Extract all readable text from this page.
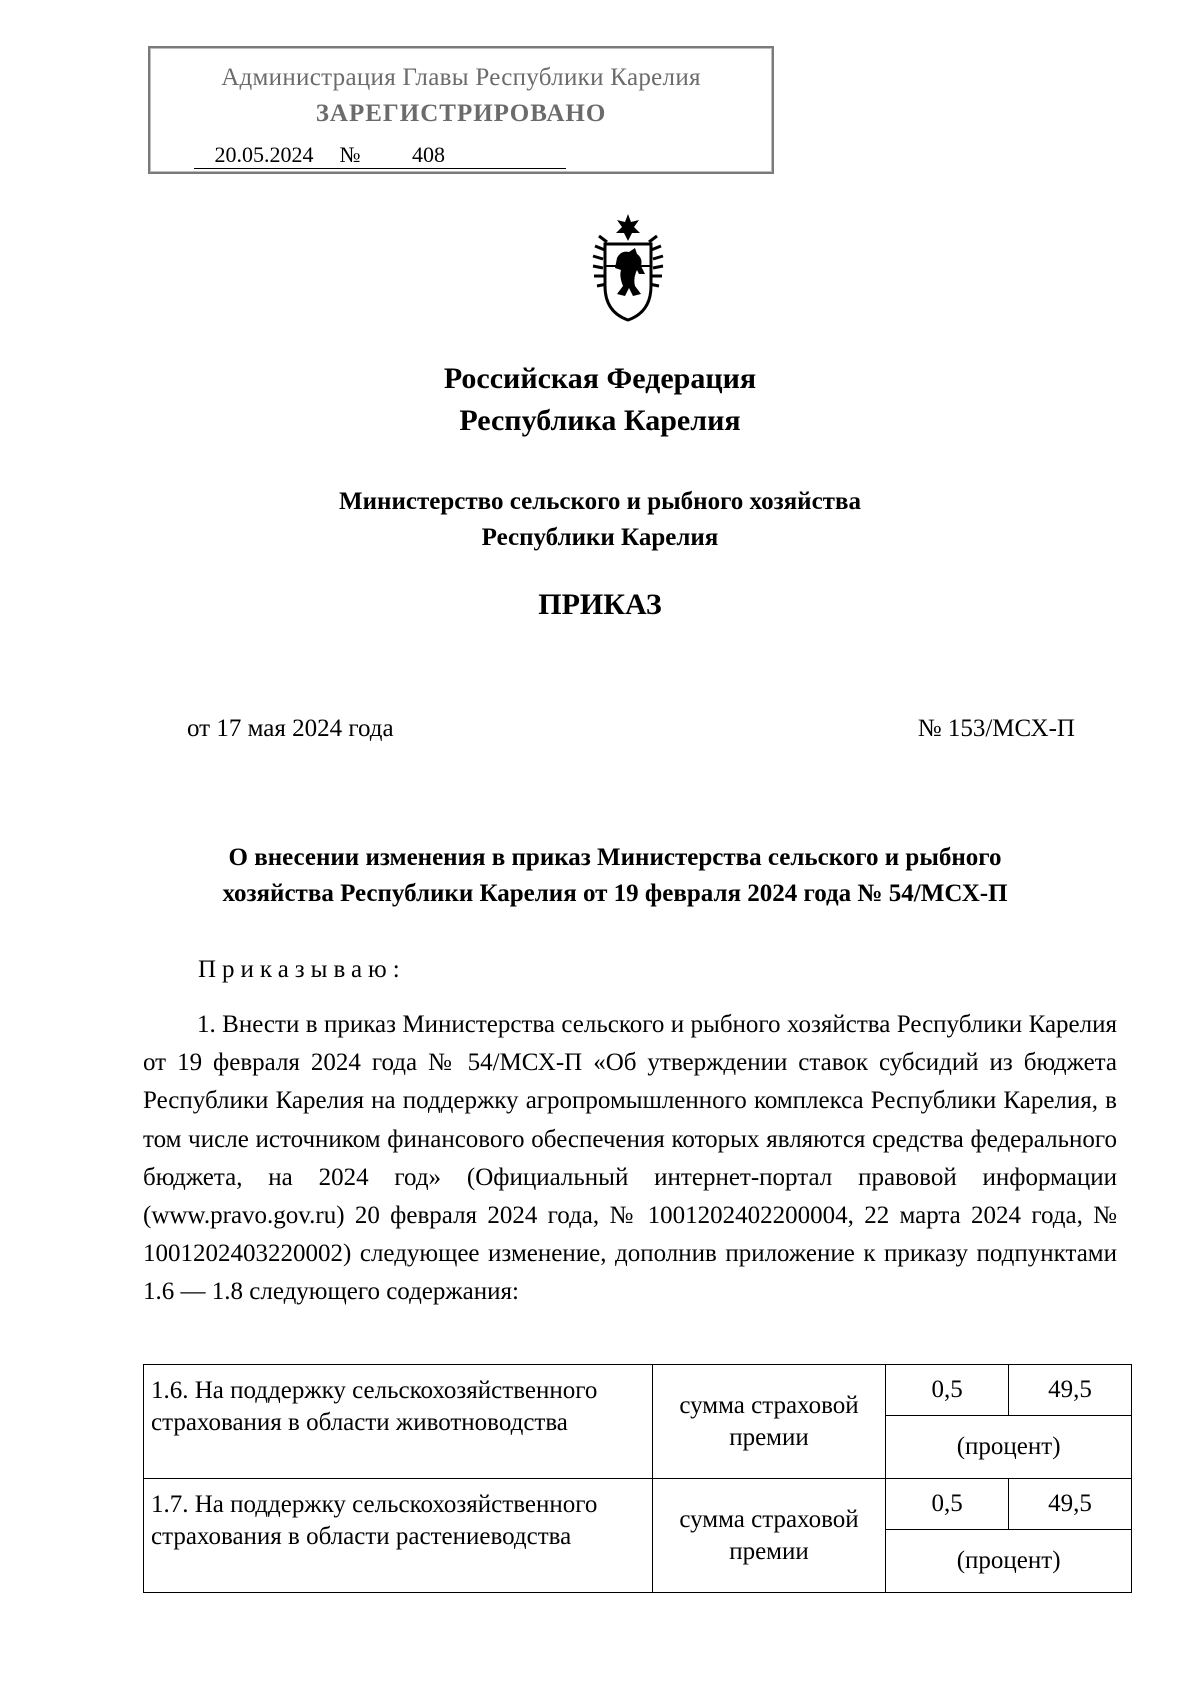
Администрация Главы Республики Карелия
ЗАРЕГИСТРИРОВАНО
20.05.2024	№	408
Российская Федерация
Республика Карелия
Министерство сельского и рыбного хозяйства
Республики Карелия
ПРИКАЗ
от 17 мая 2024 года	№ 153/МСХ-П
О внесении изменения в приказ Министерства сельского и рыбного
хозяйства Республики Карелия от 19 февраля 2024 года № 54/МСХ-П
Приказываю:

1. Внести в приказ Министерства сельского и рыбного хозяйства Республики Карелия от 19 февраля 2024 года № 54/МСХ-П «Об утверждении ставок субсидий из бюджета Республики Карелия на поддержку агропромышленного комплекса Республики Карелия, в том числе источником финансового обеспечения которых являются средства федерального бюджета, на 2024 год» (Официальный интернет-портал правовой информации (www.pravo.gov.ru) 20 февраля 2024 года, № 1001202402200004, 22 марта 2024 года, № 1001202403220002) следующее изменение, дополнив приложение к приказу подпунктами 1.6 — 1.8 следующего содержания:

1.6. На поддержку сельскохозяйственного страхования в области животноводства	сумма страховой премии	0,5	49,5
		(процент)	
1.7. На поддержку сельскохозяйственного страхования в области растениеводства	сумма страховой премии	0,5	49,5
		(процент)	
